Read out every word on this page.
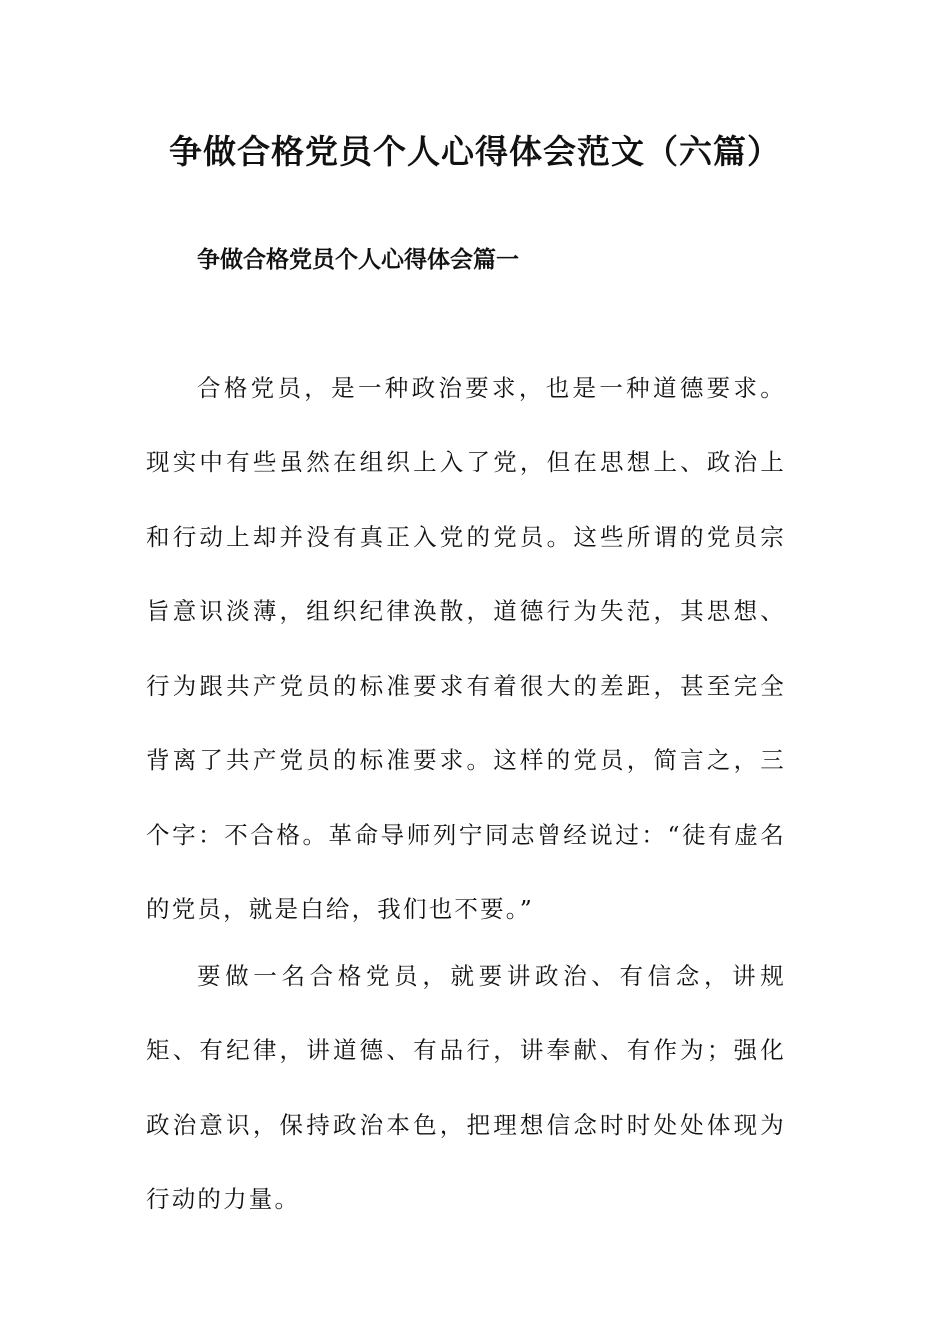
争做合格党员个人心得体会范文（六篇）
争做合格党员个人心得体会篇一

合格党员，是一种政治要求，也是一种道德要求。现实中有些虽然在组织上入了党，但在思想上、政治上和行动上却并没有真正入党的党员。这些所谓的党员宗旨意识淡薄，组织纪律涣散，道德行为失范，其思想、行为跟共产党员的标准要求有着很大的差距，甚至完全背离了共产党员的标准要求。这样的党员，简言之，三个字：不合格。革命导师列宁同志曾经说过：“徒有虚名的党员，就是白给，我们也不要。”

要做一名合格党员，就要讲政治、有信念，讲规矩、有纪律，讲道德、有品行，讲奉献、有作为；强化政治意识，保持政治本色，把理想信念时时处处体现为行动的力量。
